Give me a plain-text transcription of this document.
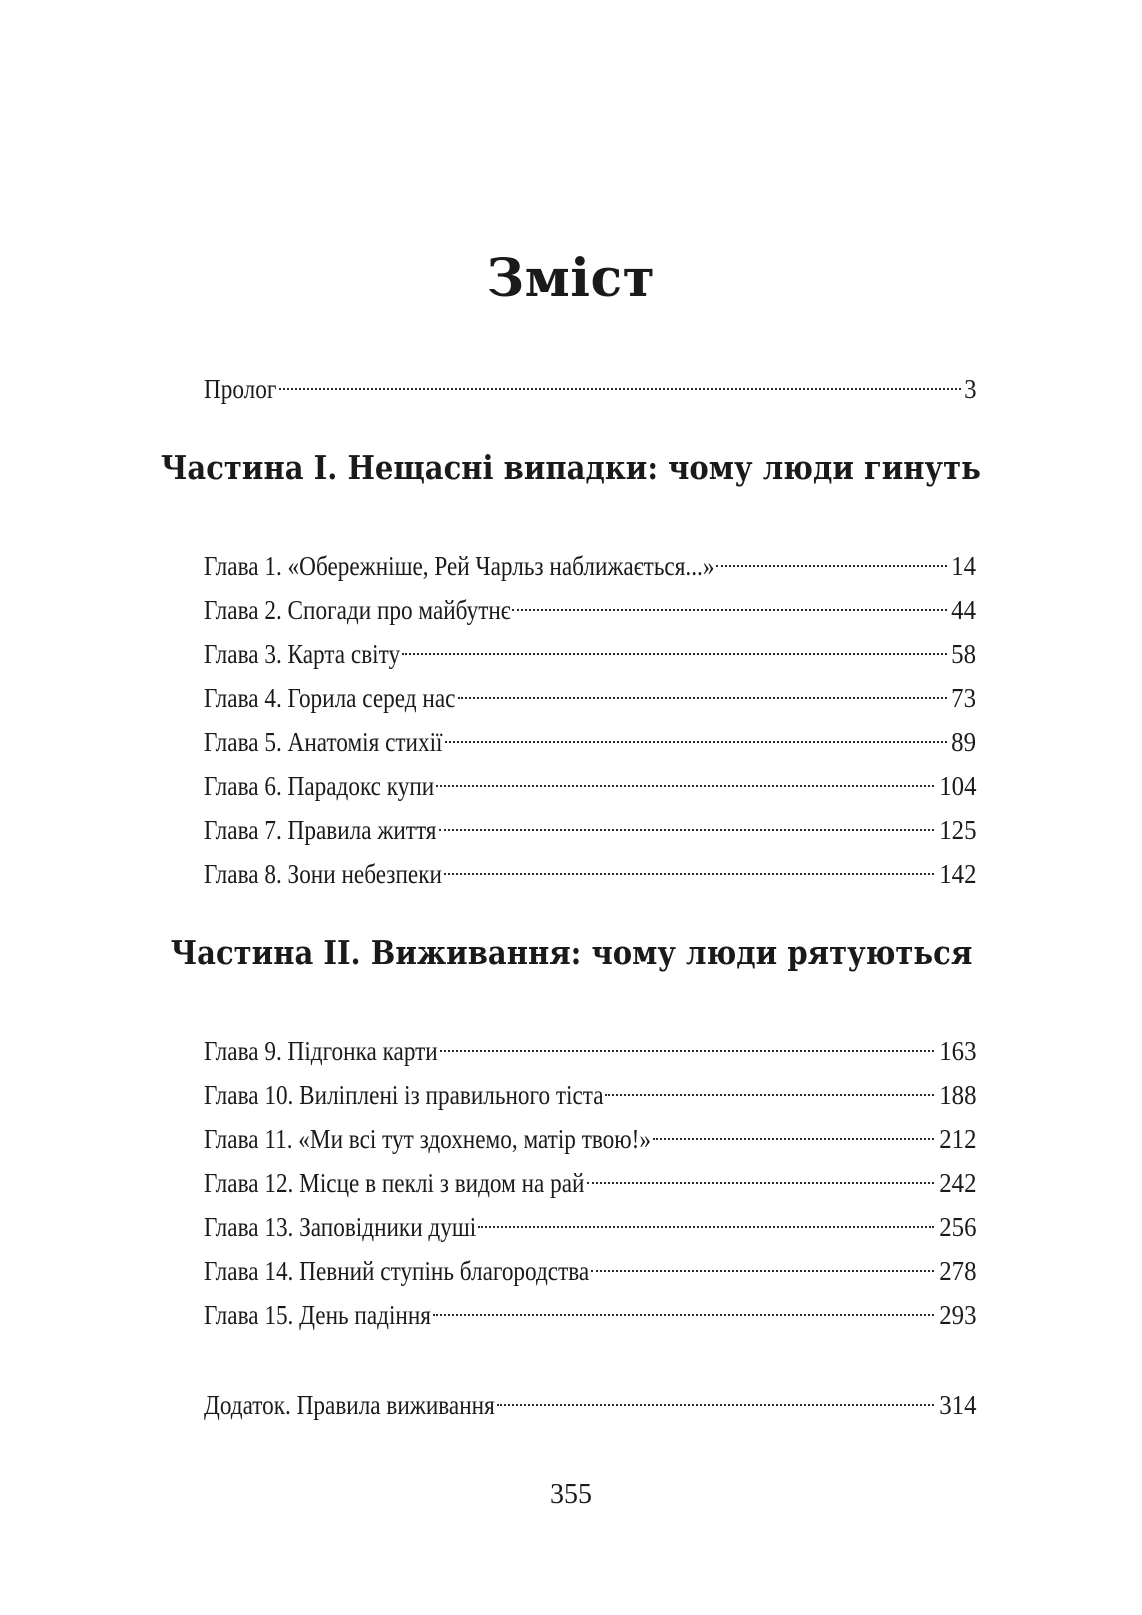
Зміст
Пролог	3
Частина I. Нещасні випадки: чому люди гинуть
Глава 1. «Обережніше, Рей Чарльз наближається...»	14
Глава 2. Спогади про майбутнє	44
Глава 3. Карта світу	58
Глава 4. Горила серед нас	73
Глава 5. Анатомія стихії	89
Глава 6. Парадокс купи	104
Глава 7. Правила життя	125
Глава 8. Зони небезпеки	142
Частина II. Виживання: чому люди рятуються
Глава 9. Підгонка карти	163
Глава 10. Виліплені із правильного тіста	188
Глава 11. «Ми всі тут здохнемо, матір твою!»	212
Глава 12. Місце в пеклі з видом на рай	242
Глава 13. Заповідники душі	256
Глава 14. Певний ступінь благородства	278
Глава 15. День падіння	293
Додаток. Правила виживання	314
355
